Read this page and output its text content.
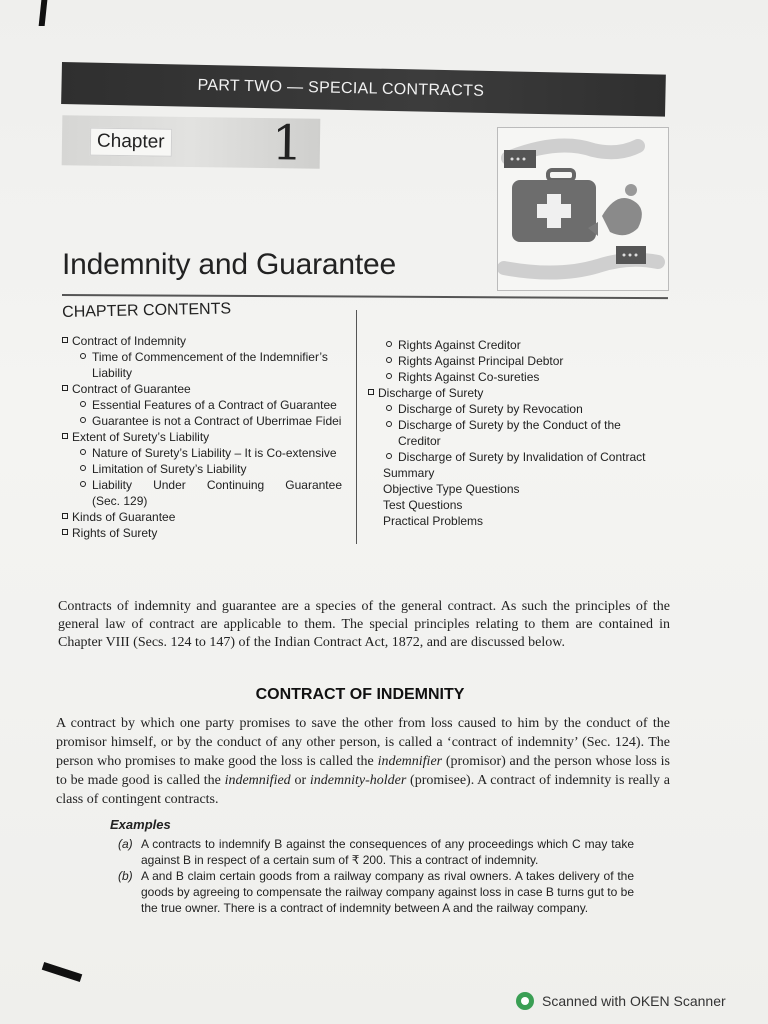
PART TWO — SPECIAL CONTRACTS
Chapter 1
Indemnity and Guarantee
CHAPTER CONTENTS
Contract of Indemnity
Time of Commencement of the Indemnifier’s
Liability
Contract of Guarantee
Essential Features of a Contract of Guarantee
Guarantee is not a Contract of Uberrimae Fidei
Extent of Surety’s Liability
Nature of Surety’s Liability – It is Co-extensive
Limitation of Surety’s Liability
Liability Under Continuing Guarantee
(Sec. 129)
Kinds of Guarantee
Rights of Surety
Rights Against Creditor
Rights Against Principal Debtor
Rights Against Co-sureties
Discharge of Surety
Discharge of Surety by Revocation
Discharge of Surety by the Conduct of the
Creditor
Discharge of Surety by Invalidation of Contract
Summary
Objective Type Questions
Test Questions
Practical Problems
Contracts of indemnity and guarantee are a species of the general contract. As such the principles of the general law of contract are applicable to them. The special principles relating to them are contained in Chapter VIII (Secs. 124 to 147) of the Indian Contract Act, 1872, and are discussed below.
CONTRACT OF INDEMNITY
A contract by which one party promises to save the other from loss caused to him by the conduct of the promisor himself, or by the conduct of any other person, is called a ‘contract of indemnity’ (Sec. 124). The person who promises to make good the loss is called the indemnifier (promisor) and the person whose loss is to be made good is called the indemnified or indemnity-holder (promisee). A contract of indemnity is really a class of contingent contracts.
Examples
(a) A contracts to indemnify B against the consequences of any proceedings which C may take against B in respect of a certain sum of ₹ 200. This a contract of indemnity.
(b) A and B claim certain goods from a railway company as rival owners. A takes delivery of the goods by agreeing to compensate the railway company against loss in case B turns gut to be the true owner. There is a contract of indemnity between A and the railway company.
Scanned with OKEN Scanner
